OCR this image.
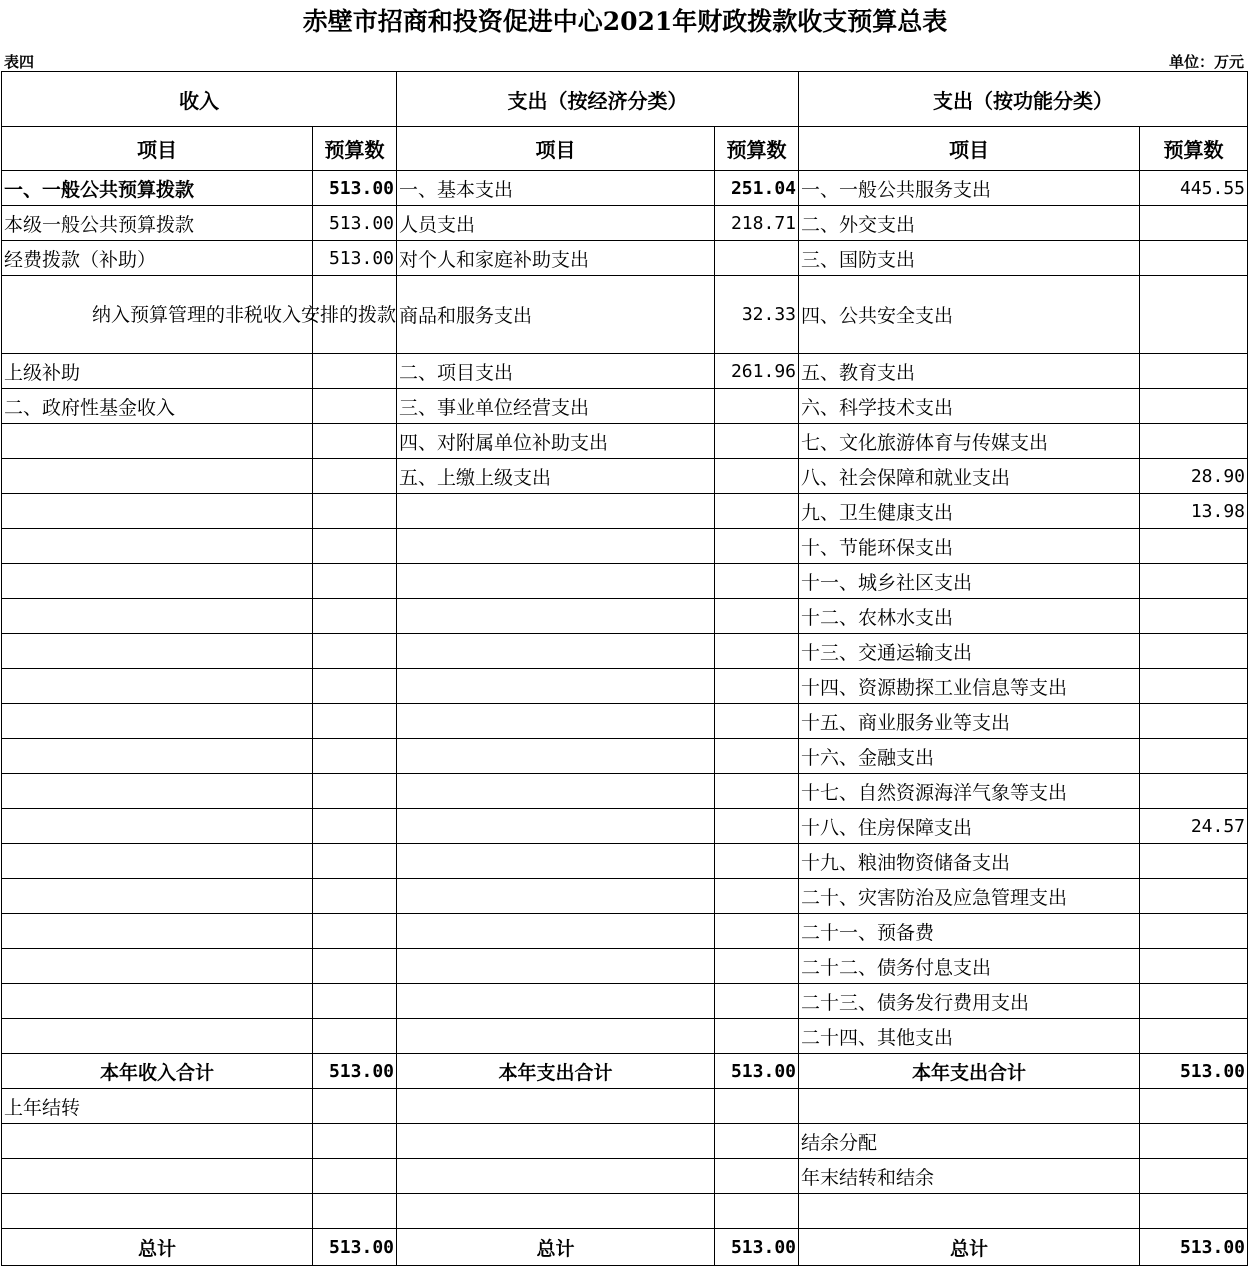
赤壁市招商和投资促进中心2021年财政拨款收支预算总表
表四	单位：万元
收入		支出（按经济分类）		支出（按功能分类）	
项目	预算数	项目	预算数	项目	预算数
一、一般公共预算拨款	513.00	一、基本支出	251.04	一、一般公共服务支出	445.55
本级一般公共预算拨款	513.00	人员支出	218.71	二、外交支出	
经费拨款（补助）	513.00	对个人和家庭补助支出		三、国防支出	
纳入预算管理的非税收入安排的拨款		商品和服务支出	32.33	四、公共安全支出	
上级补助		二、项目支出	261.96	五、教育支出	
二、政府性基金收入		三、事业单位经营支出		六、科学技术支出	
		四、对附属单位补助支出		七、文化旅游体育与传媒支出	
		五、上缴上级支出		八、社会保障和就业支出	28.90
				九、卫生健康支出	13.98
				十、节能环保支出	
				十一、城乡社区支出	
				十二、农林水支出	
				十三、交通运输支出	
				十四、资源勘探工业信息等支出	
				十五、商业服务业等支出	
				十六、金融支出	
				十七、自然资源海洋气象等支出	
				十八、住房保障支出	24.57
				十九、粮油物资储备支出	
				二十、灾害防治及应急管理支出	
				二十一、预备费	
				二十二、债务付息支出	
				二十三、债务发行费用支出	
				二十四、其他支出	
本年收入合计	513.00	本年支出合计	513.00	本年支出合计	513.00
上年结转					
				结余分配	
				年末结转和结余	

总计	513.00	总计	513.00	总计	513.00
